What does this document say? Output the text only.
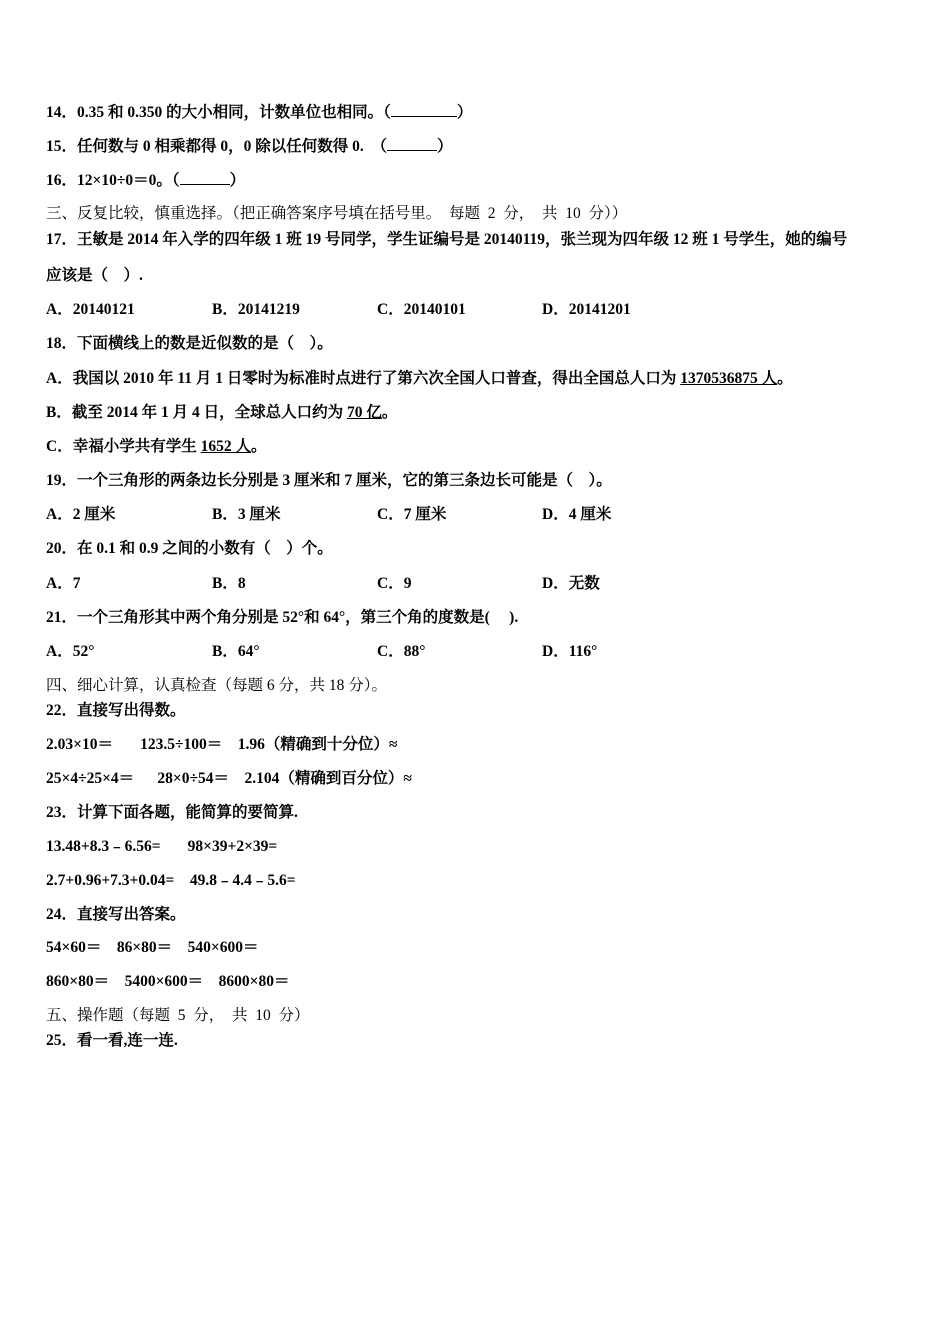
14．0.35 和 0.350 的大小相同，计数单位也相同。（	）
15．任何数与 0 相乘都得 0，0 除以任何数得 0.  （	）
16．12×10÷0＝0。（	）
三、反复比较，慎重选择。（把正确答案序号填在括号里。  每题  2  分，  共  10  分））
17．王敏是 2014 年入学的四年级 1 班 19 号同学，学生证编号是 20140119，张兰现为四年级 12 班 1 号学生，她的编号
应该是（    ）.
A．20140121	B．20141219	C．20140101	D．20141201
18．下面横线上的数是近似数的是（    ）。
A．我国以 2010 年 11 月 1 日零时为标准时点进行了第六次全国人口普查，得出全国总人口为 1370536875 人。
B．截至 2014 年 1 月 4 日，全球总人口约为 70 亿。
C．幸福小学共有学生 1652 人。
19．一个三角形的两条边长分别是 3 厘米和 7 厘米，它的第三条边长可能是（    ）。
A．2 厘米	B．3 厘米	C．7 厘米	D．4 厘米
20．在 0.1 和 0.9 之间的小数有（    ）个。
A．7	B．8	C．9	D．无数
21．一个三角形其中两个角分别是 52°和 64°，第三个角的度数是(     ).
A．52°	B．64°	C．88°	D．116°
四、细心计算，认真检查（每题 6 分，共 18 分）。
22．直接写出得数。
2.03×10＝       123.5÷100＝    1.96（精确到十分位）≈
25×4÷25×4＝      28×0÷54＝    2.104（精确到百分位）≈
23．计算下面各题，能简算的要简算.
13.48+8.3﹣6.56=       98×39+2×39=
2.7+0.96+7.3+0.04=    49.8﹣4.4﹣5.6=
24．直接写出答案。
54×60＝    86×80＝    540×600＝
860×80＝    5400×600＝    8600×80＝
五、操作题（每题  5  分，  共  10  分）
25．看一看,连一连.
